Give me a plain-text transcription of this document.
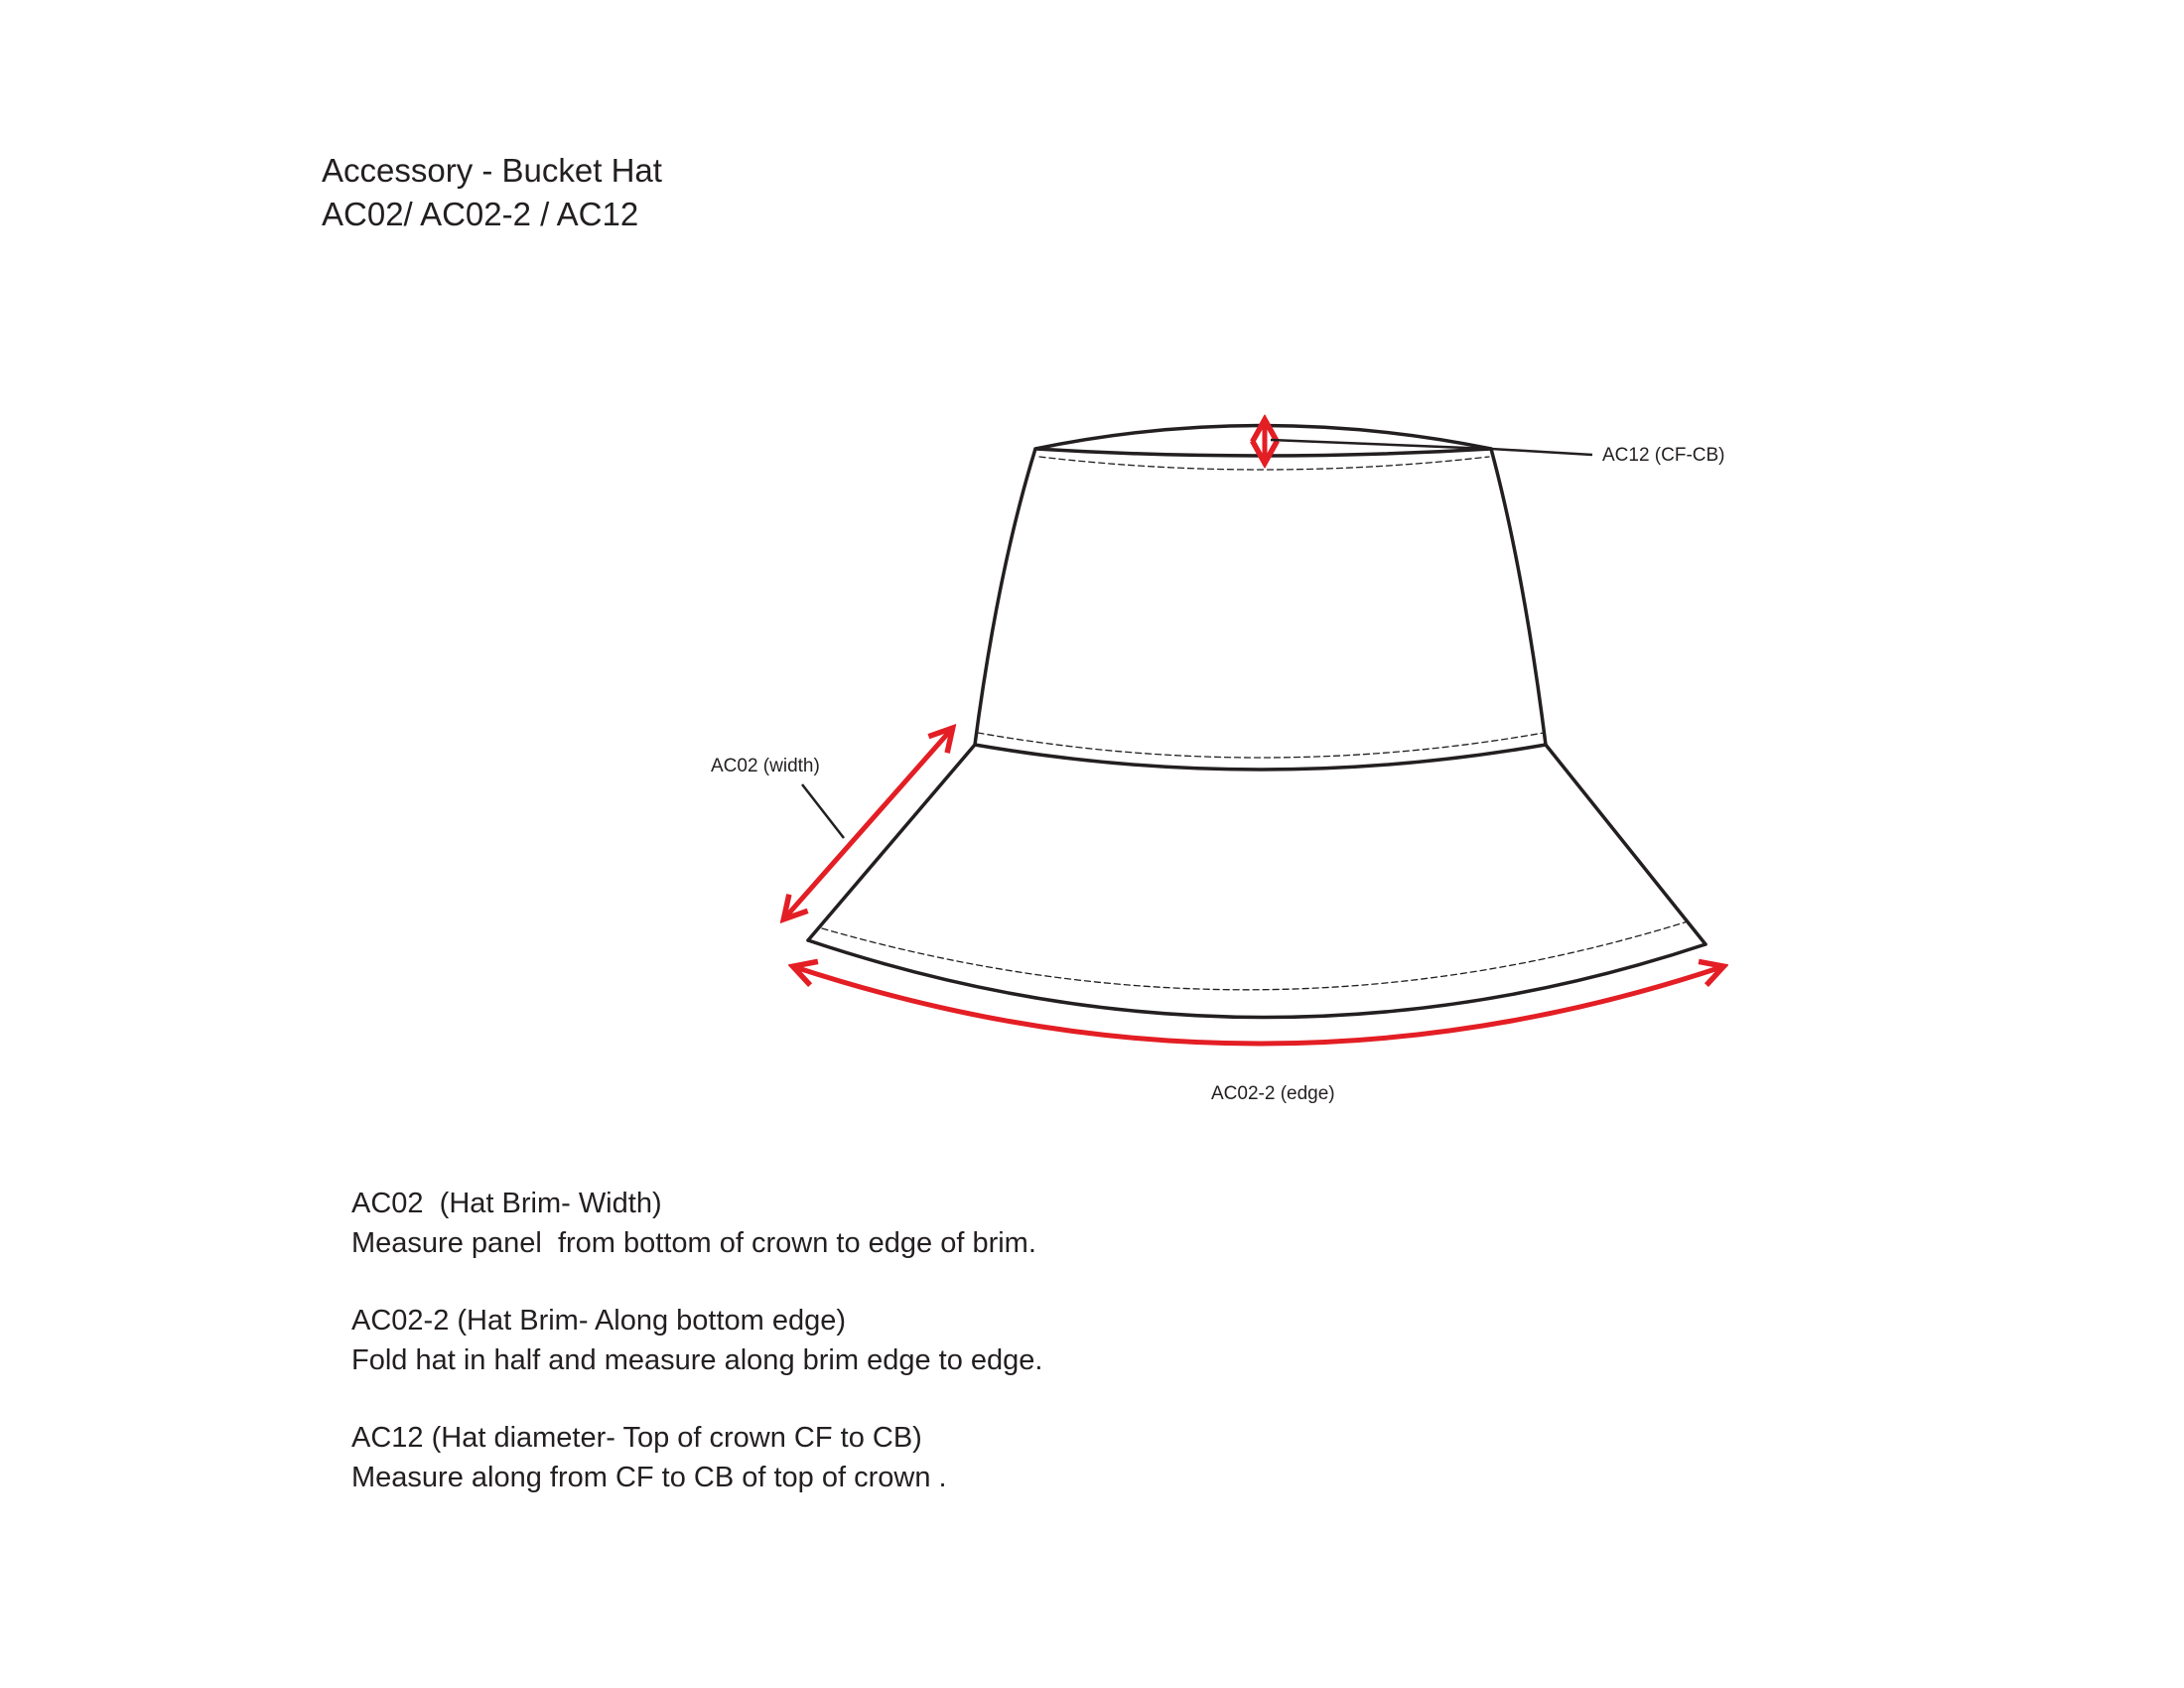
Accessory - Bucket Hat
AC02/ AC02-2 / AC12
AC12 (CF-CB)
AC02 (width)
AC02-2 (edge)
AC02  (Hat Brim- Width)
Measure panel  from bottom of crown to edge of brim.
AC02-2 (Hat Brim- Along bottom edge)
Fold hat in half and measure along brim edge to edge.
AC12 (Hat diameter- Top of crown CF to CB)
Measure along from CF to CB of top of crown .
